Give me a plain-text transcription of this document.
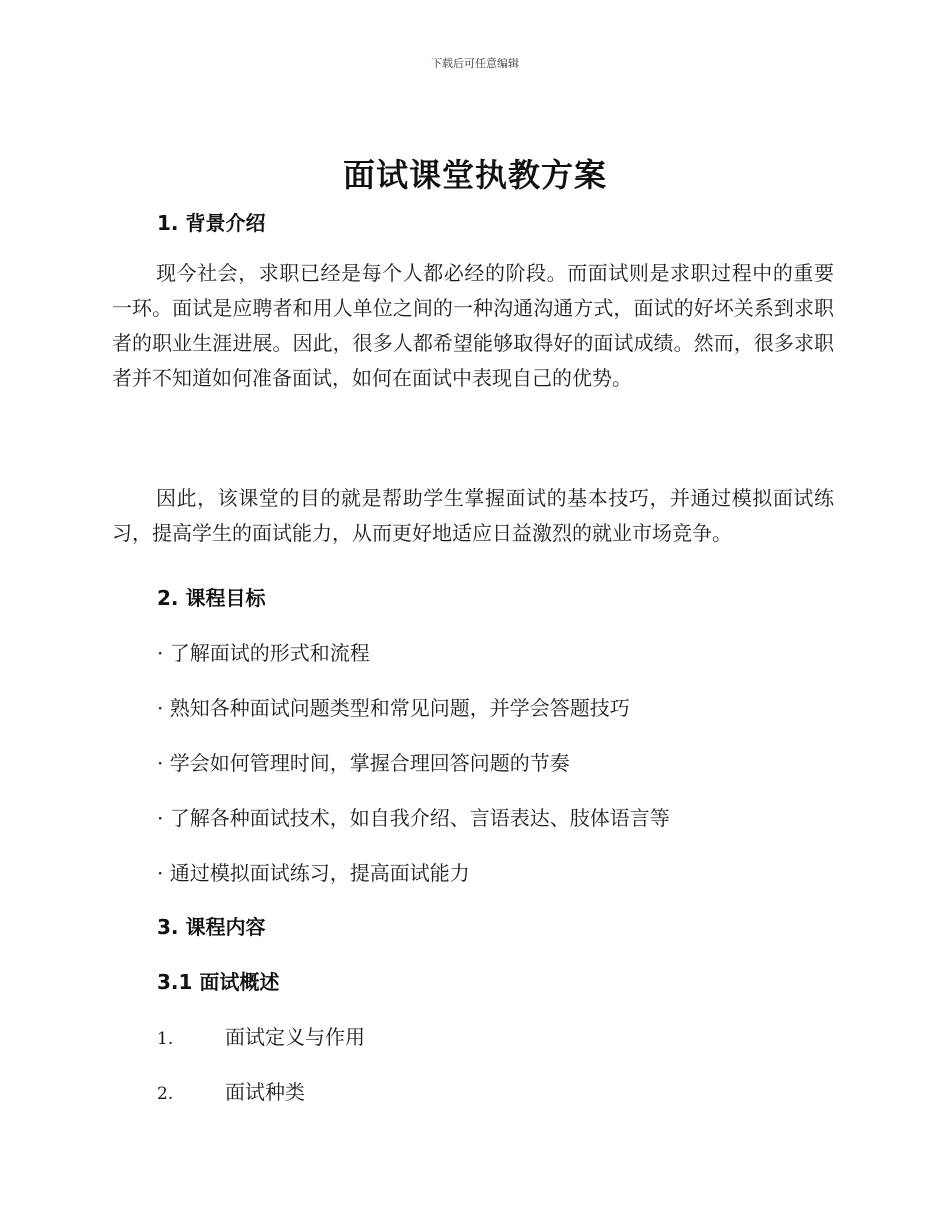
下载后可任意编辑
面试课堂执教方案
1. 背景介绍
现今社会，求职已经是每个人都必经的阶段。而面试则是求职过程中的重要一环。面试是应聘者和用人单位之间的一种沟通沟通方式，面试的好坏关系到求职者的职业生涯进展。因此，很多人都希望能够取得好的面试成绩。然而，很多求职者并不知道如何准备面试，如何在面试中表现自己的优势。
因此，该课堂的目的就是帮助学生掌握面试的基本技巧，并通过模拟面试练习，提高学生的面试能力，从而更好地适应日益激烈的就业市场竞争。
2. 课程目标
· 了解面试的形式和流程
· 熟知各种面试问题类型和常见问题，并学会答题技巧
· 学会如何管理时间，掌握合理回答问题的节奏
· 了解各种面试技术，如自我介绍、言语表达、肢体语言等
· 通过模拟面试练习，提高面试能力
3. 课程内容
3.1 面试概述
1.	面试定义与作用
2.	面试种类
